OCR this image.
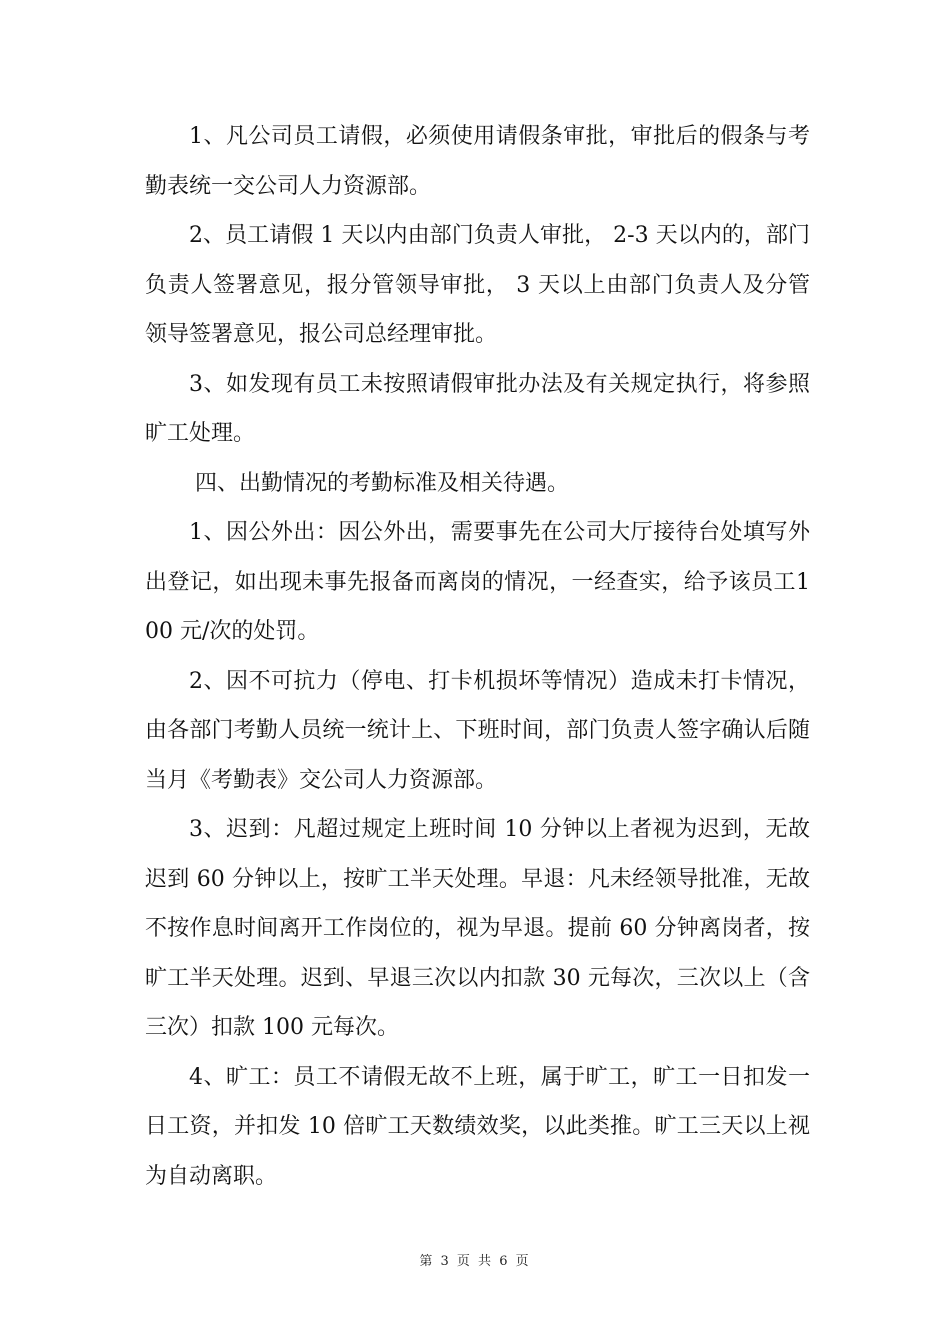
1、凡公司员工请假，必须使用请假条审批，审批后的假条与考勤表统一交公司人力资源部。

2、员工请假 1 天以内由部门负责人审批， 2-3 天以内的，部门负责人签署意见，报分管领导审批， 3 天以上由部门负责人及分管领导签署意见，报公司总经理审批。

3、如发现有员工未按照请假审批办法及有关规定执行，将参照旷工处理。

四、出勤情况的考勤标准及相关待遇。

1、因公外出：因公外出，需要事先在公司大厅接待台处填写外出登记，如出现未事先报备而离岗的情况，一经查实，给予该员工100 元/次的处罚。

2、因不可抗力（停电、打卡机损坏等情况）造成未打卡情况，由各部门考勤人员统一统计上、下班时间，部门负责人签字确认后随当月《考勤表》交公司人力资源部。

3、迟到：凡超过规定上班时间 10 分钟以上者视为迟到，无故迟到 60 分钟以上，按旷工半天处理。早退：凡未经领导批准，无故不按作息时间离开工作岗位的，视为早退。提前 60 分钟离岗者，按旷工半天处理。迟到、早退三次以内扣款 30 元每次，三次以上（含三次）扣款 100 元每次。

4、旷工：员工不请假无故不上班，属于旷工，旷工一日扣发一日工资，并扣发 10 倍旷工天数绩效奖，以此类推。旷工三天以上视为自动离职。

第 3 页 共 6 页
